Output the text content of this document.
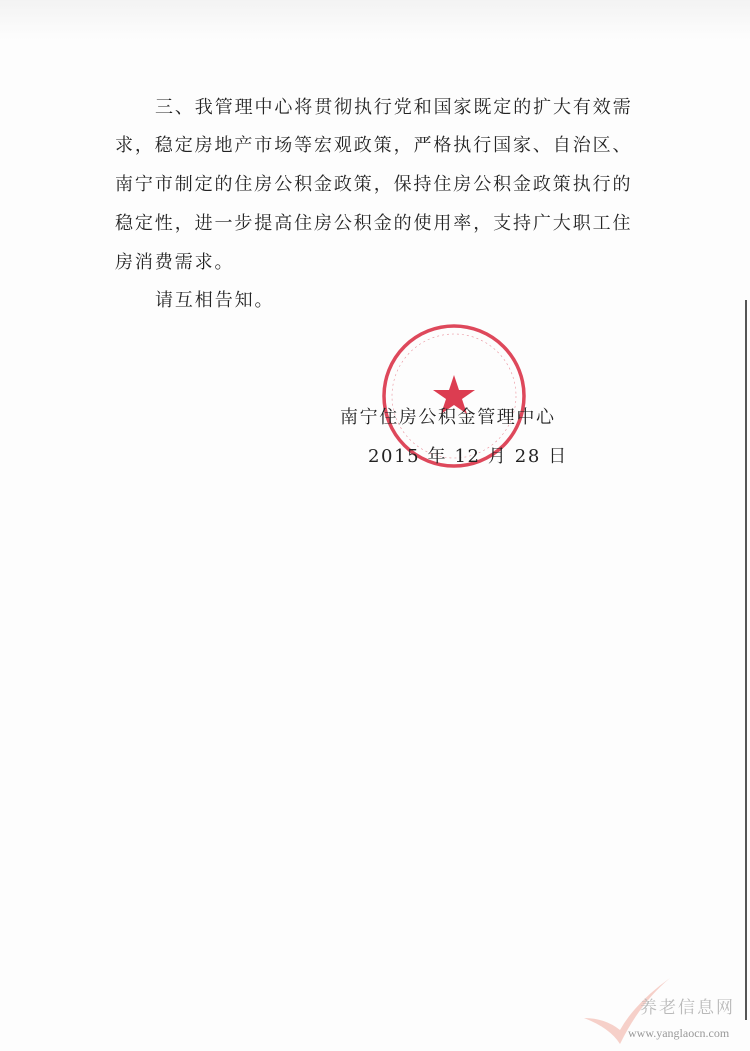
三、我管理中心将贯彻执行党和国家既定的扩大有效需
求，稳定房地产市场等宏观政策，严格执行国家、自治区、
南宁市制定的住房公积金政策，保持住房公积金政策执行的
稳定性，进一步提高住房公积金的使用率，支持广大职工住
房消费需求。
请互相告知。
南宁住房公积金管理中心
2015 年 12 月 28 日
养老信息网
www.yanglaocn.com
